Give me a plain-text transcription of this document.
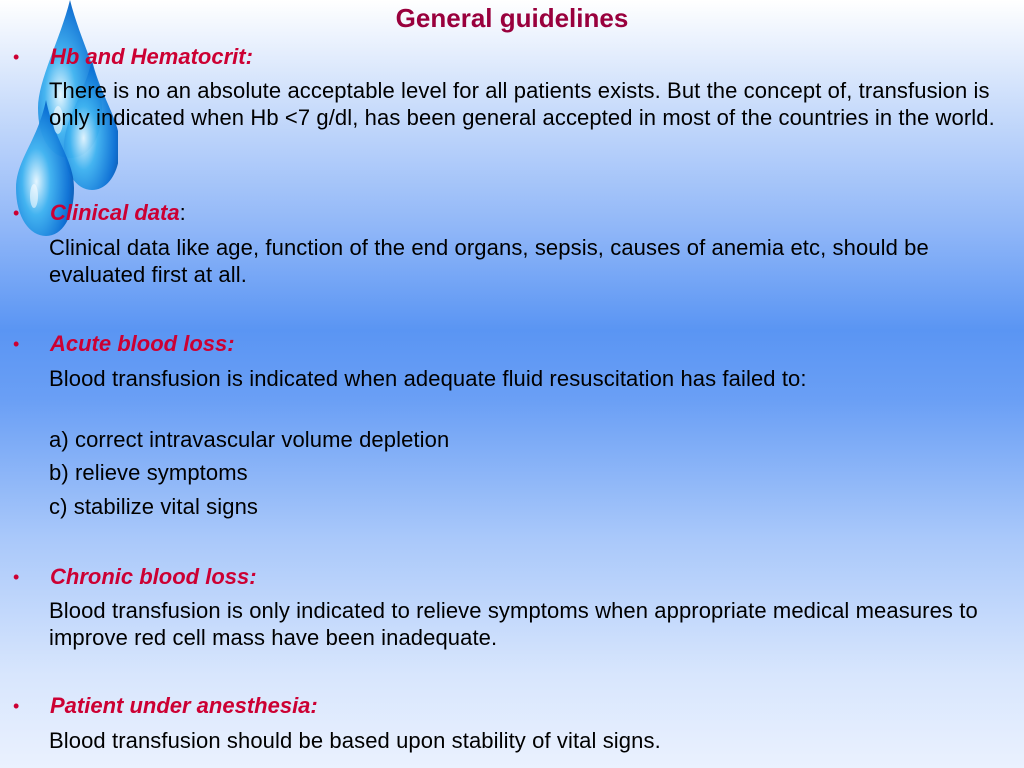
General guidelines
• Hb and Hematocrit:
There is no an absolute acceptable level for all patients exists. But the concept of, transfusion is only indicated when Hb <7 g/dl, has been general accepted in most of the countries in the world.
• Clinical data:
Clinical data like age, function of the end organs, sepsis, causes of anemia etc, should be evaluated first at all.
• Acute blood loss:
Blood transfusion is indicated when adequate fluid resuscitation has failed to:
a) correct intravascular volume depletion
b) relieve symptoms
c) stabilize vital signs
• Chronic blood loss:
Blood transfusion is only indicated to relieve symptoms when appropriate medical measures to improve red cell mass have been inadequate.
• Patient under anesthesia:
Blood transfusion should be based upon stability of vital signs.
